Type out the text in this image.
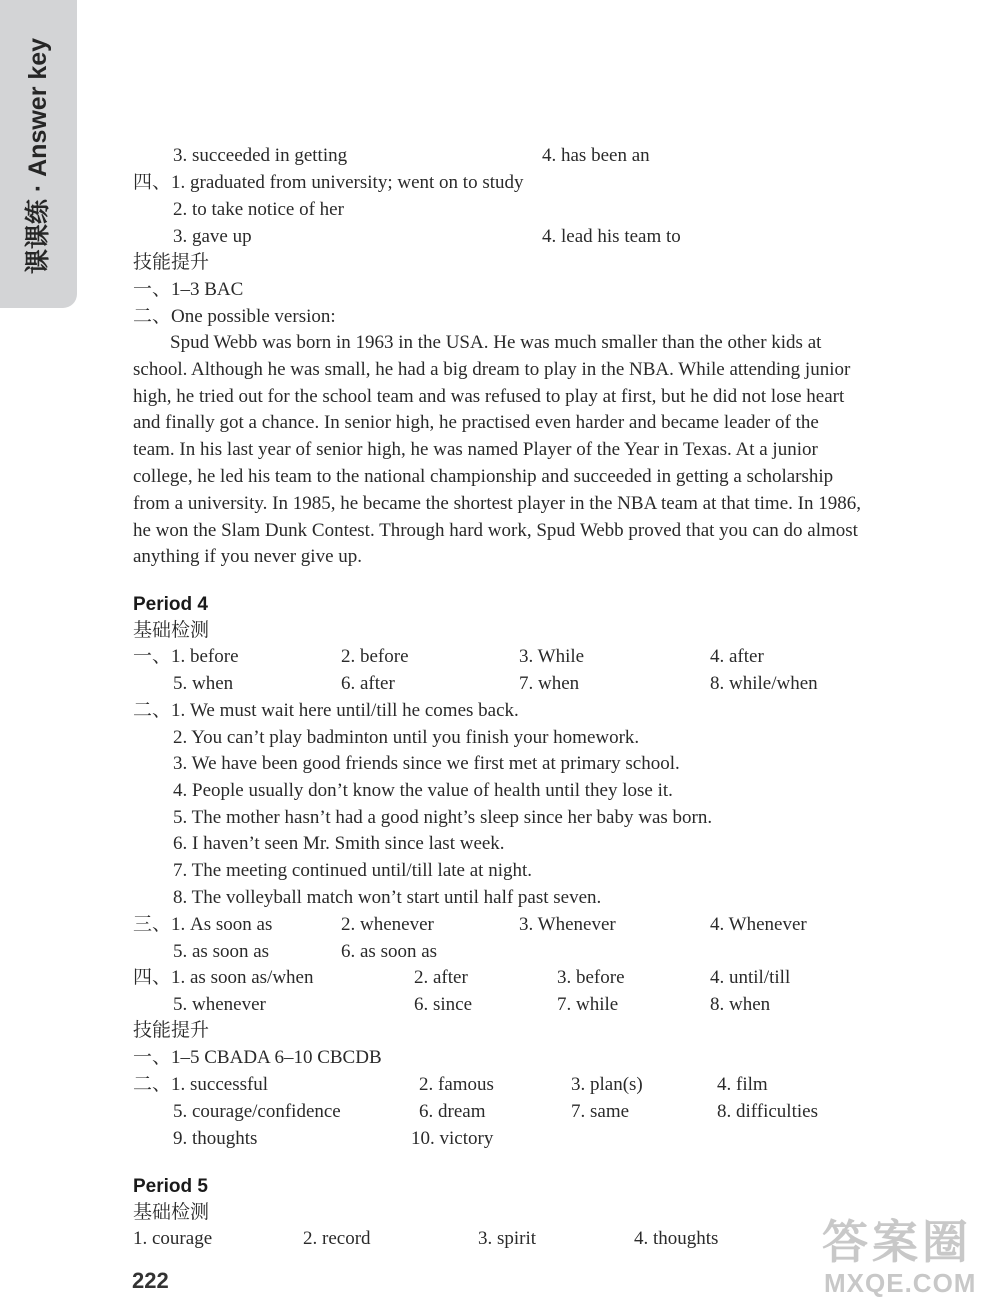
课课练 · Answer key	3. succeeded in getting	4. has been an
四、1. graduated from university; went on to study
2. to take notice of her
3. gave up	4. lead his team to
技能提升
一、1–3 BAC
二、One possible version:
Spud Webb was born in 1963 in the USA. He was much smaller than the other kids at school. Although he was small, he had a big dream to play in the NBA. While attending junior high, he tried out for the school team and was refused to play at first, but he did not lose heart and finally got a chance. In senior high, he practised even harder and became leader of the team. In his last year of senior high, he was named Player of the Year in Texas. At a junior college, he led his team to the national championship and succeeded in getting a scholarship from a university. In 1985, he became the shortest player in the NBA team at that time. In 1986, he won the Slam Dunk Contest. Through hard work, Spud Webb proved that you can do almost anything if you never give up.
Period 4
基础检测
一、1. before	2. before	3. While	4. after
5. when	6. after	7. when	8. while/when
二、1. We must wait here until/till he comes back.
2. You can’t play badminton until you finish your homework.
3. We have been good friends since we first met at primary school.
4. People usually don’t know the value of health until they lose it.
5. The mother hasn’t had a good night’s sleep since her baby was born.
6. I haven’t seen Mr. Smith since last week.
7. The meeting continued until/till late at night.
8. The volleyball match won’t start until half past seven.
三、1. As soon as	2. whenever	3. Whenever	4. Whenever
5. as soon as	6. as soon as
四、1. as soon as/when	2. after	3. before	4. until/till
5. whenever	6. since	7. while	8. when
技能提升
一、1–5 CBADA 6–10 CBCDB
二、1. successful	2. famous	3. plan(s)	4. film
5. courage/confidence	6. dream	7. same	8. difficulties
9. thoughts	10. victory
Period 5
基础检测
1. courage	2. record	3. spirit	4. thoughts
222
答案圈
MXQE.COM
